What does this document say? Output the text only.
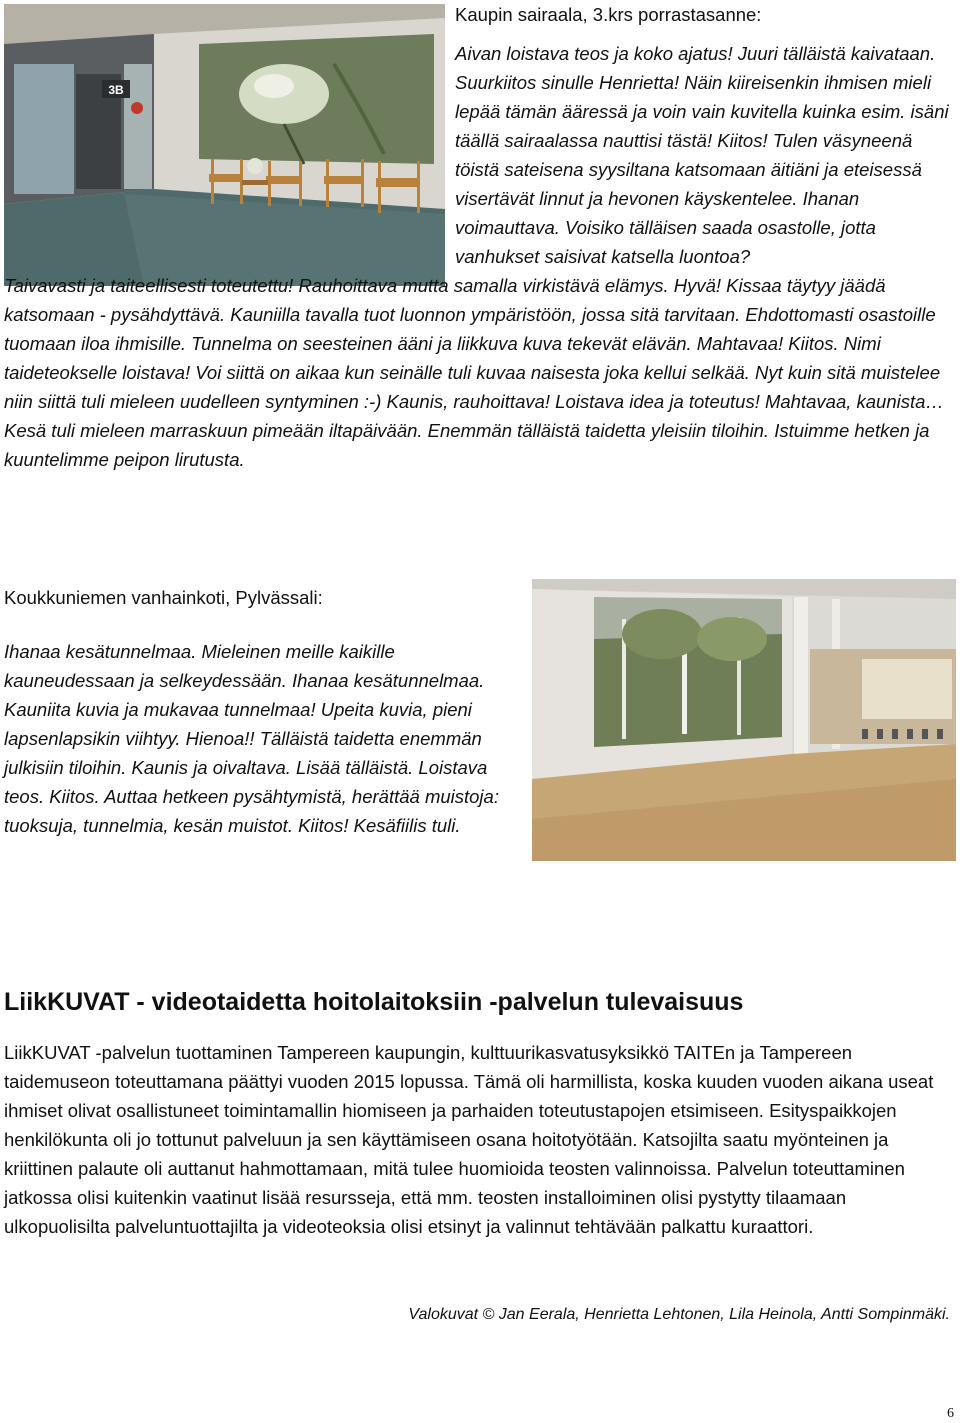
3B

Kaupin sairaala, 3.krs porrastasanne:

Aivan loistava teos ja koko ajatus! Juuri tälläistä kaivataan. Suurkiitos sinulle Henrietta! Näin kiireisenkin ihmisen mieli lepää tämän ääressä ja voin vain kuvitella kuinka esim. isäni täällä sairaalassa nauttisi tästä! Kiitos! Tulen väsyneenä töistä sateisena syysiltana katsomaan äitiäni ja eteisessä visertävät linnut ja hevonen käyskentelee. Ihanan voimauttava. Voisiko tälläisen saada osastolle, jotta vanhukset saisivat katsella luontoa?

Taivavasti ja taiteellisesti toteutettu! Rauhoittava mutta samalla virkistävä elämys. Hyvä! Kissaa täytyy jäädä katsomaan - pysähdyttävä. Kauniilla tavalla tuot luonnon ympäristöön, jossa sitä tarvitaan. Ehdottomasti osastoille tuomaan iloa ihmisille. Tunnelma on seesteinen ääni ja liikkuva kuva tekevät elävän. Mahtavaa! Kiitos. Nimi taideteokselle loistava! Voi siittä on aikaa kun seinälle tuli kuvaa naisesta joka kellui selkää. Nyt kuin sitä muistelee niin siittä tuli mieleen uudelleen syntyminen :-) Kaunis, rauhoittava! Loistava idea ja toteutus! Mahtavaa, kaunista… Kesä tuli mieleen marraskuun pimeään iltapäivään. Enemmän tälläistä taidetta yleisiin tiloihin. Istuimme hetken ja kuuntelimme peipon lirutusta.

Koukkuniemen vanhainkoti, Pylvässali:

Ihanaa kesätunnelmaa. Mieleinen meille kaikille kauneudessaan ja selkeydessään. Ihanaa kesätunnelmaa. Kauniita kuvia ja mukavaa tunnelmaa! Upeita kuvia, pieni lapsenlapsikin viihtyy. Hienoa!! Tälläistä taidetta enemmän julkisiin tiloihin. Kaunis ja oivaltava. Lisää tälläistä. Loistava teos. Kiitos. Auttaa hetkeen pysähtymistä, herättää muistoja: tuoksuja, tunnelmia, kesän muistot. Kiitos! Kesäfiilis tuli.

LiikKUVAT - videotaidetta hoitolaitoksiin -palvelun tulevaisuus

LiikKUVAT -palvelun tuottaminen Tampereen kaupungin, kulttuurikasvatusyksikkö TAITEn ja Tampereen taidemuseon toteuttamana päättyi vuoden 2015 lopussa. Tämä oli harmillista, koska kuuden vuoden aikana useat ihmiset olivat osallistuneet toimintamallin hiomiseen ja parhaiden toteutustapojen etsimiseen. Esityspaikkojen henkilökunta oli jo tottunut palveluun ja sen käyttämiseen osana hoitotyötään. Katsojilta saatu myönteinen ja kriittinen palaute oli auttanut hahmottamaan, mitä tulee huomioida teosten valinnoissa. Palvelun toteuttaminen jatkossa olisi kuitenkin vaatinut lisää resursseja, että mm. teosten installoiminen olisi pystytty tilaamaan ulkopuolisilta palveluntuottajilta ja videoteoksia olisi etsinyt ja valinnut tehtävään palkattu kuraattori.

Valokuvat © Jan Eerala, Henrietta Lehtonen, Lila Heinola, Antti Sompinmäki.
6
